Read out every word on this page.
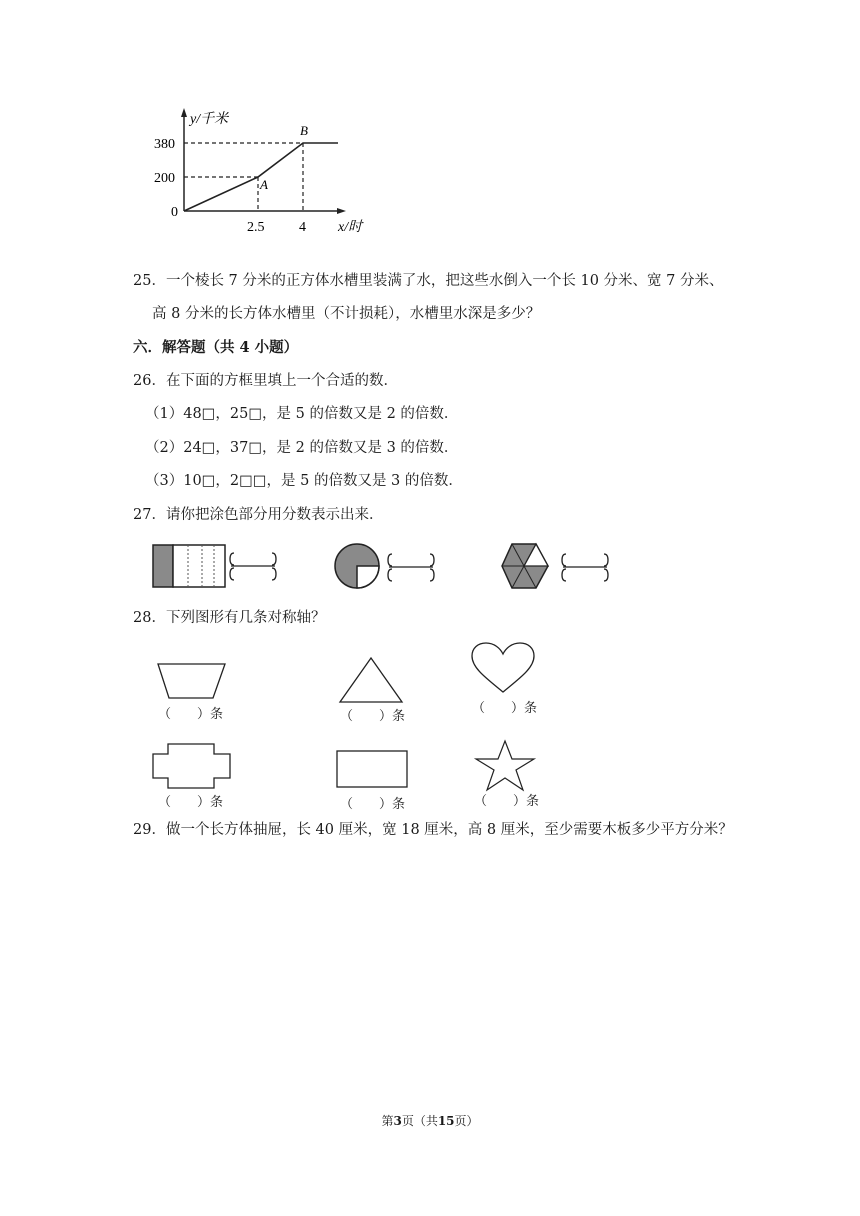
y/千米
380
200
0
2.5 4 x/时
A
B
25．一个棱长 7 分米的正方体水槽里装满了水，把这些水倒入一个长 10 分米、宽 7 分米、
高 8 分米的长方体水槽里（不计损耗），水槽里水深是多少？
六．解答题（共 4 小题）
26．在下面的方框里填上一个合适的数．
（1）48□，25□，是 5 的倍数又是 2 的倍数．
（2）24□，37□，是 2 的倍数又是 3 的倍数．
（3）10□，2□□，是 5 的倍数又是 3 的倍数．
27．请你把涂色部分用分数表示出来．
28．下列图形有几条对称轴？
（　　）条	（　　）条
（　　）条
（　　）条	（　　）条	（　　）条
29．做一个长方体抽屉，长 40 厘米，宽 18 厘米，高 8 厘米，至少需要木板多少平方分米？
第3页（共15页）
